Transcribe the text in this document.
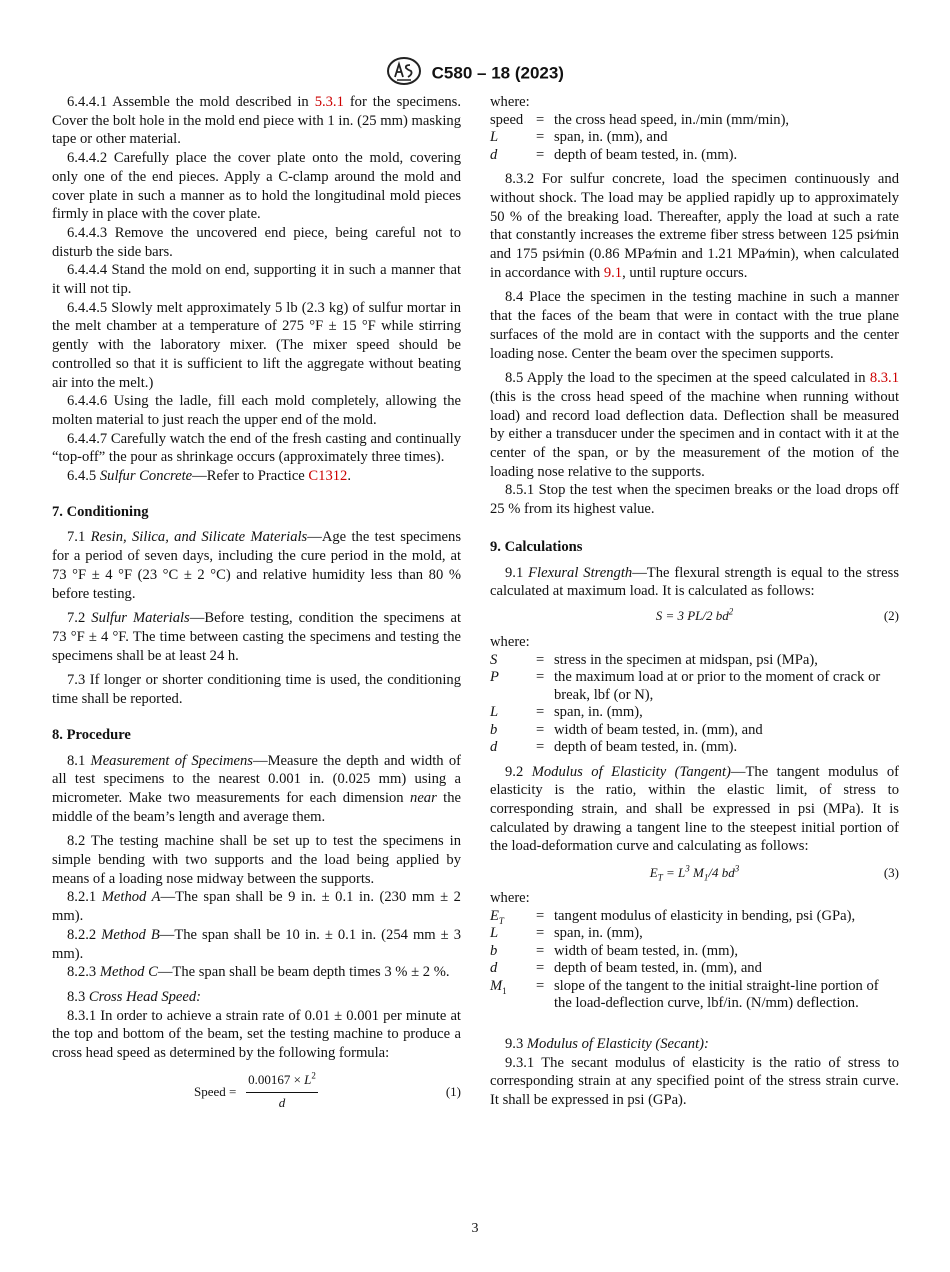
C580 – 18 (2023)

6.4.4.1 Assemble the mold described in 5.3.1 for the specimens. Cover the bolt hole in the mold end piece with 1 in. (25 mm) masking tape or other material.

6.4.4.2 Carefully place the cover plate onto the mold, covering only one of the end pieces. Apply a C-clamp around the mold and cover plate in such a manner as to hold the longitudinal mold pieces firmly in place with the cover plate.

6.4.4.3 Remove the uncovered end piece, being careful not to disturb the side bars.

6.4.4.4 Stand the mold on end, supporting it in such a manner that it will not tip.

6.4.4.5 Slowly melt approximately 5 lb (2.3 kg) of sulfur mortar in the melt chamber at a temperature of 275 °F ± 15 °F while stirring gently with the laboratory mixer. (The mixer speed should be controlled so that it is sufficient to lift the aggregate without beating air into the melt.)

6.4.4.6 Using the ladle, fill each mold completely, allowing the molten material to just reach the upper end of the mold.

6.4.4.7 Carefully watch the end of the fresh casting and continually “top-off” the pour as shrinkage occurs (approximately three times).

6.4.5 Sulfur Concrete—Refer to Practice C1312.

7. Conditioning

7.1 Resin, Silica, and Silicate Materials—Age the test specimens for a period of seven days, including the cure period in the mold, at 73 °F ± 4 °F (23 °C ± 2 °C) and relative humidity less than 80 % before testing.

7.2 Sulfur Materials—Before testing, condition the specimens at 73 °F ± 4 °F. The time between casting the specimens and testing the specimens shall be at least 24 h.

7.3 If longer or shorter conditioning time is used, the conditioning time shall be reported.

8. Procedure

8.1 Measurement of Specimens—Measure the depth and width of all test specimens to the nearest 0.001 in. (0.025 mm) using a micrometer. Make two measurements for each dimension near the middle of the beam’s length and average them.

8.2 The testing machine shall be set up to test the specimens in simple bending with two supports and the load being applied by means of a loading nose midway between the supports.

8.2.1 Method A—The span shall be 9 in. ± 0.1 in. (230 mm ± 2 mm).

8.2.2 Method B—The span shall be 10 in. ± 0.1 in. (254 mm ± 3 mm).

8.2.3 Method C—The span shall be beam depth times 3 % ± 2 %.

8.3 Cross Head Speed:

8.3.1 In order to achieve a strain rate of 0.01 ± 0.001 per minute at the top and bottom of the beam, set the testing machine to produce a cross head speed as determined by the following formula:

Speed =
$0.00167 \times L^2$
d
(1)
where:
speed	=	the cross head speed, in./min (mm/min),
L	=	span, in. (mm), and
d	=	depth of beam tested, in. (mm).

8.3.2 For sulfur concrete, load the specimen continuously and without shock. The load may be applied rapidly up to approximately 50 % of the breaking load. Thereafter, apply the load at such a rate that constantly increases the extreme fiber stress between 125 psi⁄min and 175 psi⁄min (0.86 MPa⁄min and 1.21 MPa⁄min), when calculated in accordance with 9.1, until rupture occurs.

8.4 Place the specimen in the testing machine in such a manner that the faces of the beam that were in contact with the true plane surfaces of the mold are in contact with the supports and the center loading nose. Center the beam over the specimen supports.

8.5 Apply the load to the specimen at the speed calculated in 8.3.1 (this is the cross head speed of the machine when running without load) and record load deflection data. Deflection shall be measured by either a transducer under the specimen and in contact with it at the center of the span, or by the measurement of the motion of the loading nose relative to the supports.

8.5.1 Stop the test when the specimen breaks or the load drops off 25 % from its highest value.

9. Calculations

9.1 Flexural Strength—The flexural strength is equal to the stress calculated at maximum load. It is calculated as follows:

S = 3 PL/2 $bd^2$	(2)
where:
S	=	stress in the specimen at midspan, psi (MPa),
P	=	the maximum load at or prior to the moment of crack or break, lbf (or N),
L	=	span, in. (mm),
b	=	width of beam tested, in. (mm), and
d	=	depth of beam tested, in. (mm).

9.2 Modulus of Elasticity (Tangent)—The tangent modulus of elasticity is the ratio, within the elastic limit, of stress to corresponding strain, and shall be expressed in psi (MPa). It is calculated by drawing a tangent line to the steepest initial portion of the load-deformation curve and calculating as follows:

$E_T = L^3$ $M_1/4$ $bd^3$	(3)
where:
$E_T$	=	tangent modulus of elasticity in bending, psi (GPa),
L	=	span, in. (mm),
b	=	width of beam tested, in. (mm),
d	=	depth of beam tested, in. (mm), and
$M_1$	=	slope of the tangent to the initial straight-line portion of the load-deflection curve, lbf/in. (N/mm) deflection.

9.3 Modulus of Elasticity (Secant):

9.3.1 The secant modulus of elasticity is the ratio of stress to corresponding strain at any specified point of the stress strain curve. It shall be expressed in psi (GPa).

3
